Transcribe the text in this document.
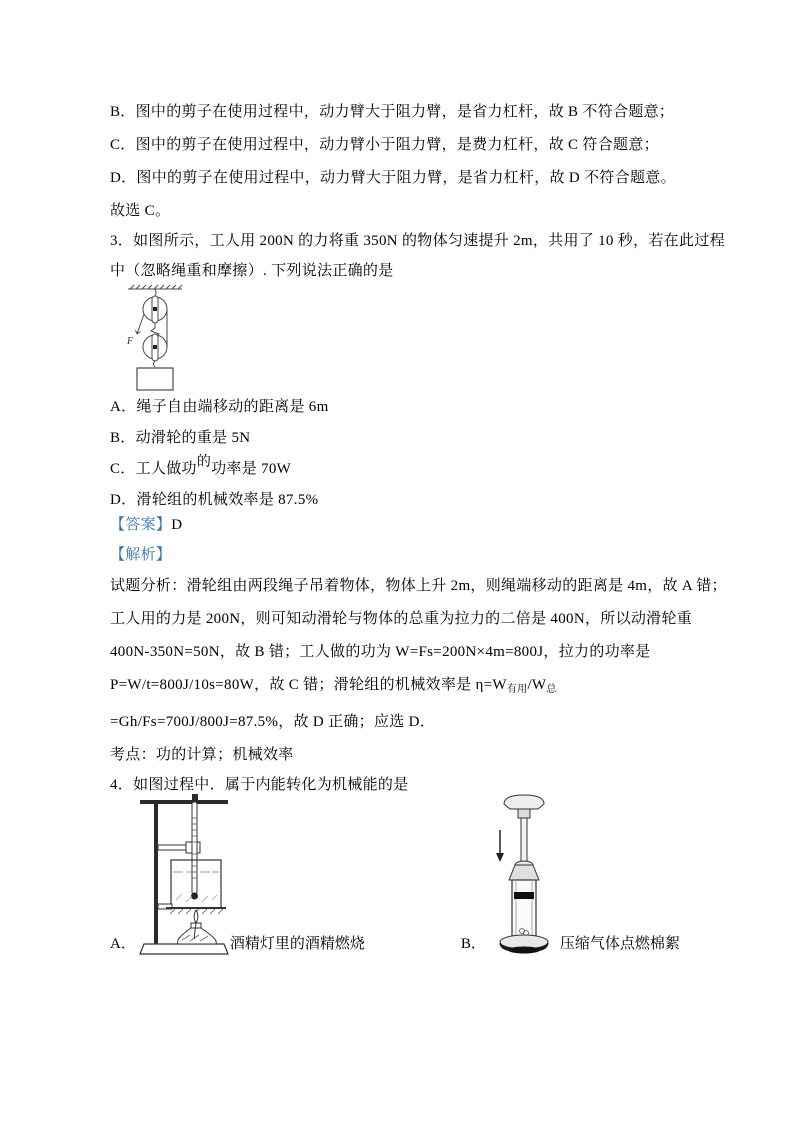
B．图中的剪子在使用过程中，动力臂大于阻力臂，是省力杠杆，故 B 不符合题意；

C．图中的剪子在使用过程中，动力臂小于阻力臂，是费力杠杆，故 C 符合题意；

D．图中的剪子在使用过程中，动力臂大于阻力臂，是省力杠杆，故 D 不符合题意。

故选 C。

3．如图所示，工人用 200N 的力将重 350N 的物体匀速提升 2m，共用了 10 秒，若在此过程

中（忽略绳重和摩擦）. 下列说法正确的是

F

A．绳子自由端移动的距离是 6m

B．动滑轮的重是 5N

C．工人做功的功率是 70W

D．滑轮组的机械效率是 87.5%

【答案】D

【解析】

试题分析：滑轮组由两段绳子吊着物体，物体上升 2m，则绳端移动的距离是 4m，故 A 错；

工人用的力是 200N，则可知动滑轮与物体的总重为拉力的二倍是 400N，所以动滑轮重

400N-350N=50N，故 B 错；工人做的功为 W=Fs=200N×4m=800J，拉力的功率是

P=W/t=800J/10s=80W，故 C 错；滑轮组的机械效率是 $\eta=W_{有用}/W_总$

=Gh/Fs=700J/800J=87.5%，故 D 正确；应选 D．

考点：功的计算；机械效率

4．如图过程中．属于内能转化为机械能的是

A．	酒精灯里的酒精燃烧	B．	压缩气体点燃棉絮
